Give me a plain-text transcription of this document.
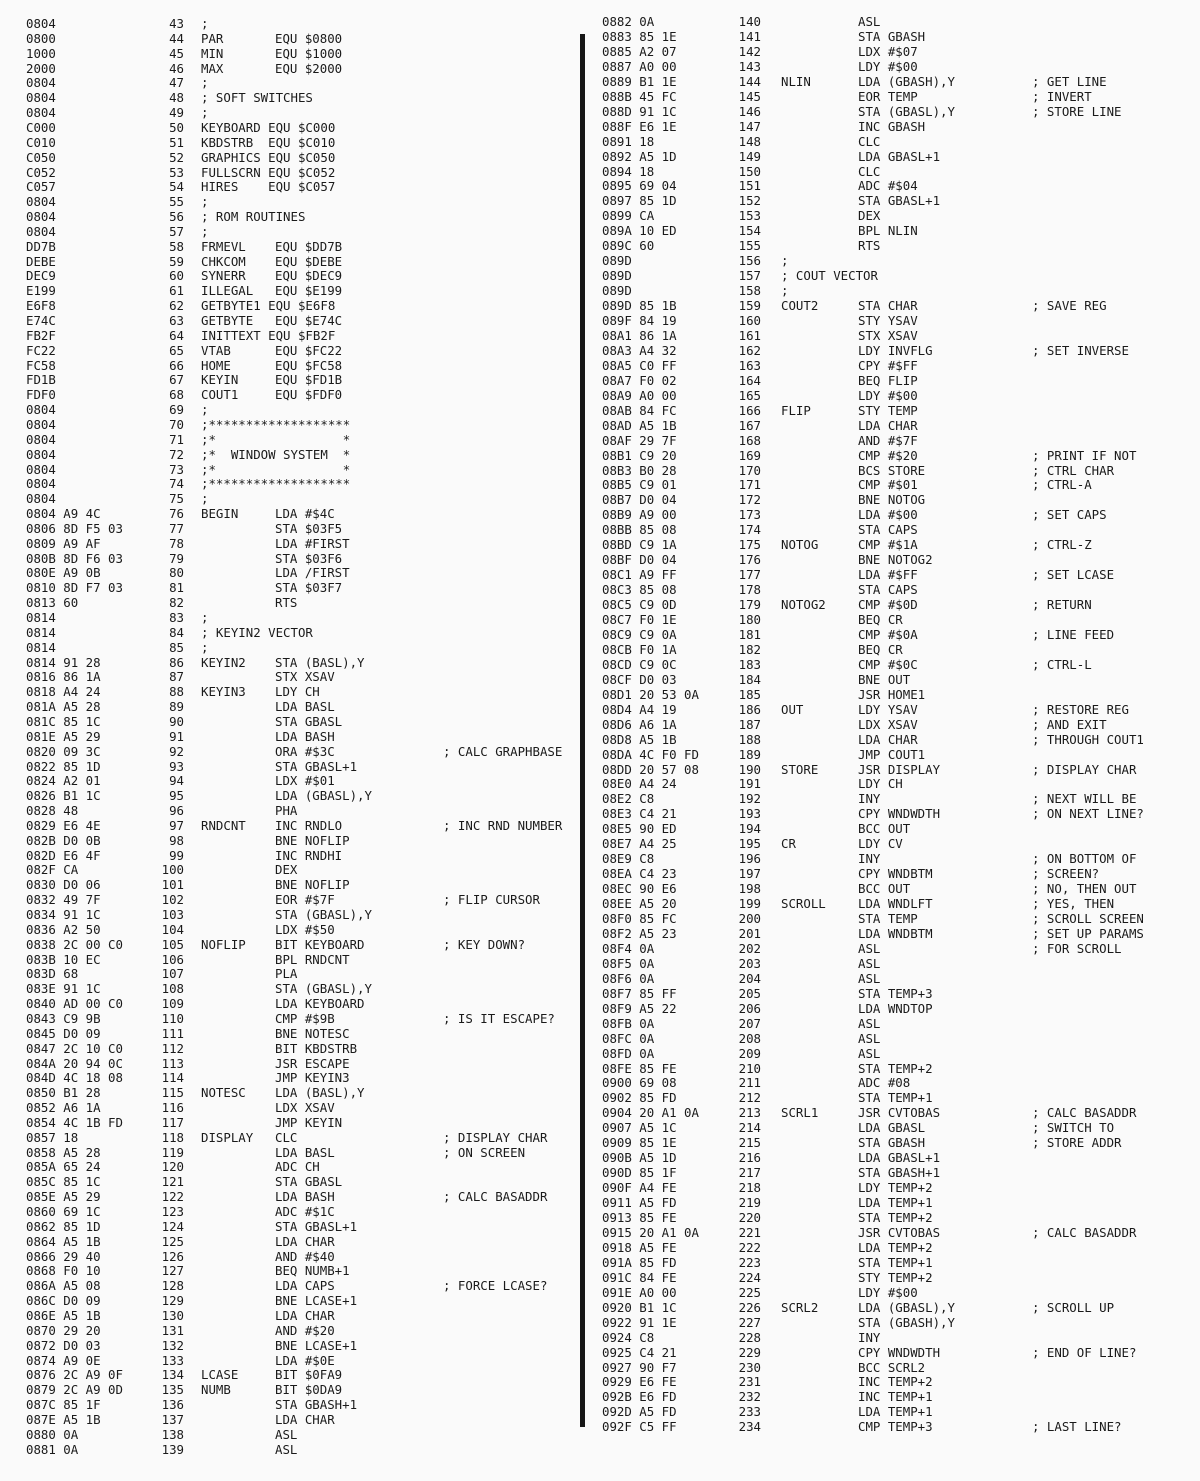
0804	43 ;
0800	44 PAR	EQU $0800
1000	45 MIN	EQU $1000
2000	46 MAX	EQU $2000
0804	47 ;
0804	48 ; SOFT SWITCHES
0804	49 ;
C000	50 KEYBOARD EQU $C000
C010	51 KBDSTRB  EQU $C010
C050	52 GRAPHICS EQU $C050
C052	53 FULLSCRN EQU $C052
C057	54 HIRES    EQU $C057
0804	55 ;
0804	56 ; ROM ROUTINES
0804	57 ;
DD7B	58 FRMEVL EQU $DD7B
DEBE	59 CHKCOM EQU $DEBE
DEC9	60 SYNERR EQU $DEC9
E199	61 ILLEGAL EQU $E199
E6F8	62 GETBYTE1 EQU $E6F8
E74C	63 GETBYTE EQU $E74C
FB2F	64 INITTEXT EQU $FB2F
FC22	65 VTAB	EQU $FC22
FC58	66 HOME	EQU $FC58
FD1B	67 KEYIN	EQU $FD1B
FDF0	68 COUT1	EQU $FDF0
0804	69 ;
0804	70 ;*******************
0804	71 ;*                 *
0804	72 ;*  WINDOW SYSTEM  *
0804	73 ;*                 *
0804	74 ;*******************
0804	75 ;
0804 A9 4C	76 BEGIN	LDA #$4C
0806 8D F5 03	77	STA $03F5
0809 A9 AF	78	LDA #FIRST
080B 8D F6 03	79	STA $03F6
080E A9 0B	80	LDA /FIRST
0810 8D F7 03	81	STA $03F7
0813 60	82	RTS
0814	83 ;
0814	84 ; KEYIN2 VECTOR
0814	85 ;
0814 91 28	86 KEYIN2 STA (BASL),Y
0816 86 1A	87	STX XSAV
0818 A4 24	88 KEYIN3 LDY CH
081A A5 28	89	LDA BASL
081C 85 1C	90	STA GBASL
081E A5 29	91	LDA BASH
0820 09 3C	92	ORA #$3C	; CALC GRAPHBASE
0822 85 1D	93	STA GBASL+1
0824 A2 01	94	LDX #$01
0826 B1 1C	95	LDA (GBASL),Y
0828 48	96	PHA
0829 E6 4E	97 RNDCNT INC RNDLO	; INC RND NUMBER
082B D0 0B	98	BNE NOFLIP
082D E6 4F	99	INC RNDHI
082F CA	100	DEX
0830 D0 06	101	BNE NOFLIP
0832 49 7F	102	EOR #$7F	; FLIP CURSOR
0834 91 1C	103	STA (GBASL),Y
0836 A2 50	104	LDX #$50
0838 2C 00 C0	105 NOFLIP BIT KEYBOARD	; KEY DOWN?
083B 10 EC	106	BPL RNDCNT
083D 68	107	PLA
083E 91 1C	108	STA (GBASL),Y
0840 AD 00 C0	109	LDA KEYBOARD
0843 C9 9B	110	CMP #$9B	; IS IT ESCAPE?
0845 D0 09	111	BNE NOTESC
0847 2C 10 C0	112	BIT KBDSTRB
084A 20 94 0C	113	JSR ESCAPE
084D 4C 18 08	114	JMP KEYIN3
0850 B1 28	115 NOTESC LDA (BASL),Y
0852 A6 1A	116	LDX XSAV
0854 4C 1B FD	117	JMP KEYIN
0857 18	118 DISPLAY CLC	; DISPLAY CHAR
0858 A5 28	119	LDA BASL	; ON SCREEN
085A 65 24	120	ADC CH
085C 85 1C	121	STA GBASL
085E A5 29	122	LDA BASH	; CALC BASADDR
0860 69 1C	123	ADC #$1C
0862 85 1D	124	STA GBASL+1
0864 A5 1B	125	LDA CHAR
0866 29 40	126	AND #$40
0868 F0 10	127	BEQ NUMB+1
086A A5 08	128	LDA CAPS	; FORCE LCASE?
086C D0 09	129	BNE LCASE+1
086E A5 1B	130	LDA CHAR
0870 29 20	131	AND #$20
0872 D0 03	132	BNE LCASE+1
0874 A9 0E	133	LDA #$0E
0876 2C A9 0F	134 LCASE	BIT $0FA9
0879 2C A9 0D	135 NUMB	BIT $0DA9
087C 85 1F	136	STA GBASH+1
087E A5 1B	137	LDA CHAR
0880 0A	138	ASL
0881 0A	139	ASL
0882 0A	140	ASL
0883 85 1E	141	STA GBASH
0885 A2 07	142	LDX #$07
0887 A0 00	143	LDY #$00
0889 B1 1E	144 NLIN	LDA (GBASH),Y	; GET LINE
088B 45 FC	145	EOR TEMP	; INVERT
088D 91 1C	146	STA (GBASL),Y	; STORE LINE
088F E6 1E	147	INC GBASH
0891 18	148	CLC
0892 A5 1D	149	LDA GBASL+1
0894 18	150	CLC
0895 69 04	151	ADC #$04
0897 85 1D	152	STA GBASL+1
0899 CA	153	DEX
089A 10 ED	154	BPL NLIN
089C 60	155	RTS
089D	156 ;
089D	157 ; COUT VECTOR
089D	158 ;
089D 85 1B	159 COUT2	STA CHAR	; SAVE REG
089F 84 19	160	STY YSAV
08A1 86 1A	161	STX XSAV
08A3 A4 32	162	LDY INVFLG	; SET INVERSE
08A5 C0 FF	163	CPY #$FF
08A7 F0 02	164	BEQ FLIP
08A9 A0 00	165	LDY #$00
08AB 84 FC	166 FLIP	STY TEMP
08AD A5 1B	167	LDA CHAR
08AF 29 7F	168	AND #$7F
08B1 C9 20	169	CMP #$20	; PRINT IF NOT
08B3 B0 28	170	BCS STORE	; CTRL CHAR
08B5 C9 01	171	CMP #$01	; CTRL-A
08B7 D0 04	172	BNE NOTOG
08B9 A9 00	173	LDA #$00	; SET CAPS
08BB 85 08	174	STA CAPS
08BD C9 1A	175 NOTOG	CMP #$1A	; CTRL-Z
08BF D0 04	176	BNE NOTOG2
08C1 A9 FF	177	LDA #$FF	; SET LCASE
08C3 85 08	178	STA CAPS
08C5 C9 0D	179 NOTOG2	CMP #$0D	; RETURN
08C7 F0 1E	180	BEQ CR
08C9 C9 0A	181	CMP #$0A	; LINE FEED
08CB F0 1A	182	BEQ CR
08CD C9 0C	183	CMP #$0C	; CTRL-L
08CF D0 03	184	BNE OUT
08D1 20 53 0A	185	JSR HOME1
08D4 A4 19	186 OUT	LDY YSAV	; RESTORE REG
08D6 A6 1A	187	LDX XSAV	; AND EXIT
08D8 A5 1B	188	LDA CHAR	; THROUGH COUT1
08DA 4C F0 FD	189	JMP COUT1
08DD 20 57 08	190 STORE	JSR DISPLAY	; DISPLAY CHAR
08E0 A4 24	191	LDY CH
08E2 C8	192	INY	; NEXT WILL BE
08E3 C4 21	193	CPY WNDWDTH	; ON NEXT LINE?
08E5 90 ED	194	BCC OUT
08E7 A4 25	195 CR	LDY CV
08E9 C8	196	INY	; ON BOTTOM OF
08EA C4 23	197	CPY WNDBTM	; SCREEN?
08EC 90 E6	198	BCC OUT	; NO, THEN OUT
08EE A5 20	199 SCROLL	LDA WNDLFT	; YES, THEN
08F0 85 FC	200	STA TEMP	; SCROLL SCREEN
08F2 A5 23	201	LDA WNDBTM	; SET UP PARAMS
08F4 0A	202	ASL	; FOR SCROLL
08F5 0A	203	ASL
08F6 0A	204	ASL
08F7 85 FF	205	STA TEMP+3
08F9 A5 22	206	LDA WNDTOP
08FB 0A	207	ASL
08FC 0A	208	ASL
08FD 0A	209	ASL
08FE 85 FE	210	STA TEMP+2
0900 69 08	211	ADC #08
0902 85 FD	212	STA TEMP+1
0904 20 A1 0A	213 SCRL1	JSR CVTOBAS	; CALC BASADDR
0907 A5 1C	214	LDA GBASL	; SWITCH TO
0909 85 1E	215	STA GBASH	; STORE ADDR
090B A5 1D	216	LDA GBASL+1
090D 85 1F	217	STA GBASH+1
090F A4 FE	218	LDY TEMP+2
0911 A5 FD	219	LDA TEMP+1
0913 85 FE	220	STA TEMP+2
0915 20 A1 0A	221	JSR CVTOBAS	; CALC BASADDR
0918 A5 FE	222	LDA TEMP+2
091A 85 FD	223	STA TEMP+1
091C 84 FE	224	STY TEMP+2
091E A0 00	225	LDY #$00
0920 B1 1C	226 SCRL2	LDA (GBASL),Y	; SCROLL UP
0922 91 1E	227	STA (GBASH),Y
0924 C8	228	INY
0925 C4 21	229	CPY WNDWDTH	; END OF LINE?
0927 90 F7	230	BCC SCRL2
0929 E6 FE	231	INC TEMP+2
092B E6 FD	232	INC TEMP+1
092D A5 FD	233	LDA TEMP+1
092F C5 FF	234	CMP TEMP+3	; LAST LINE?
